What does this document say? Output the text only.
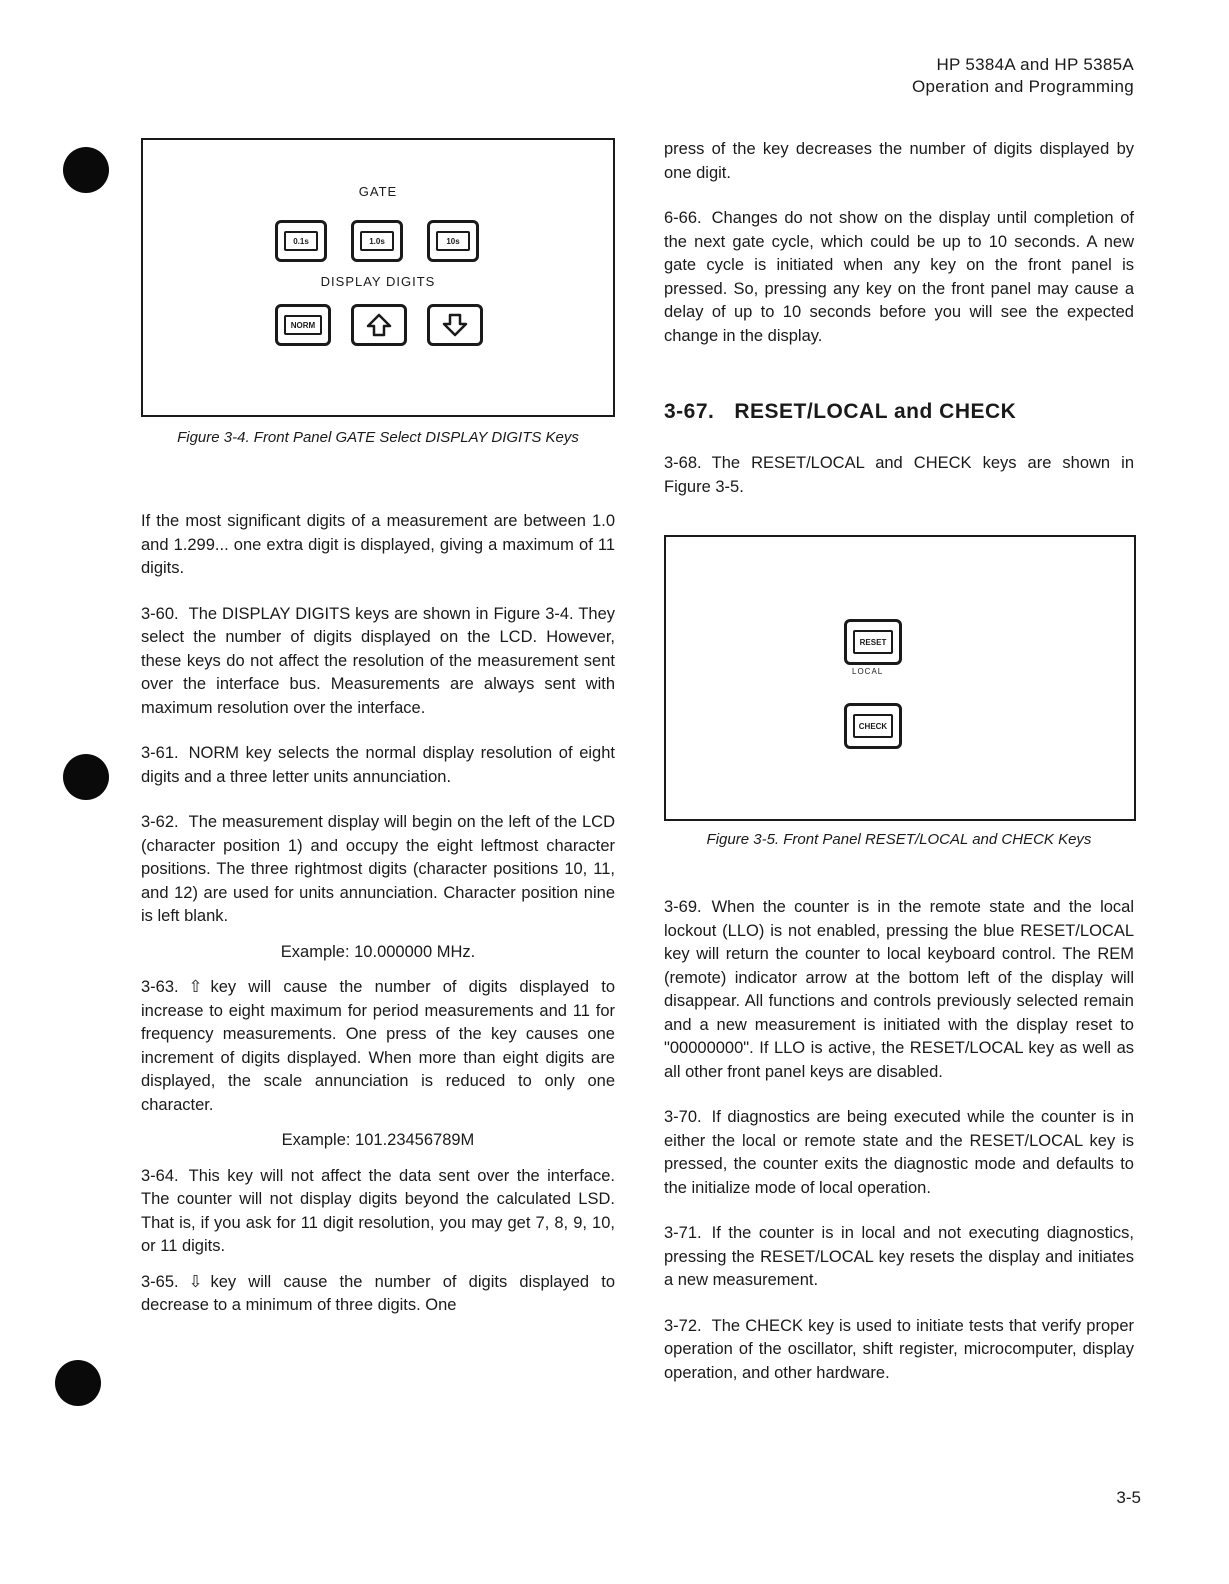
HP 5384A and HP 5385A
Operation and Programming
GATE
0.1s	1.0s	10s
DISPLAY DIGITS
NORM
Figure 3-4. Front Panel GATE Select DISPLAY DIGITS Keys

If the most significant digits of a measurement are between 1.0 and 1.299... one extra digit is displayed, giving a maximum of 11 digits.

3-60. The DISPLAY DIGITS keys are shown in Figure 3-4. They select the number of digits displayed on the LCD. However, these keys do not affect the resolution of the measurement sent over the interface bus. Measurements are always sent with maximum resolution over the interface.

3-61. NORM key selects the normal display resolution of eight digits and a three letter units annunciation.

3-62. The measurement display will begin on the left of the LCD (character position 1) and occupy the eight leftmost character positions. The three rightmost digits (character positions 10, 11, and 12) are used for units annunciation. Character position nine is left blank.

Example: 10.000000 MHz.

3-63. ⇧ key will cause the number of digits displayed to increase to eight maximum for period measurements and 11 for frequency measurements. One press of the key causes one increment of digits displayed. When more than eight digits are displayed, the scale annunciation is reduced to only one character.

Example: 101.23456789M

3-64. This key will not affect the data sent over the interface. The counter will not display digits beyond the calculated LSD. That is, if you ask for 11 digit resolution, you may get 7, 8, 9, 10, or 11 digits.

3-65. ⇩ key will cause the number of digits displayed to decrease to a minimum of three digits. One

press of the key decreases the number of digits displayed by one digit.

6-66. Changes do not show on the display until completion of the next gate cycle, which could be up to 10 seconds. A new gate cycle is initiated when any key on the front panel is pressed. So, pressing any key on the front panel may cause a delay of up to 10 seconds before you will see the expected change in the display.

3-67. RESET/LOCAL and CHECK

3-68. The RESET/LOCAL and CHECK keys are shown in Figure 3-5.

RESET
LOCAL
CHECK
Figure 3-5. Front Panel RESET/LOCAL and CHECK Keys

3-69. When the counter is in the remote state and the local lockout (LLO) is not enabled, pressing the blue RESET/LOCAL key will return the counter to local keyboard control. The REM (remote) indicator arrow at the bottom left of the display will disappear. All functions and controls previously selected remain and a new measurement is initiated with the display reset to "00000000". If LLO is active, the RESET/LOCAL key as well as all other front panel keys are disabled.

3-70. If diagnostics are being executed while the counter is in either the local or remote state and the RESET/LOCAL key is pressed, the counter exits the diagnostic mode and defaults to the initialize mode of local operation.

3-71. If the counter is in local and not executing diagnostics, pressing the RESET/LOCAL key resets the display and initiates a new measurement.

3-72. The CHECK key is used to initiate tests that verify proper operation of the oscillator, shift register, microcomputer, display operation, and other hardware.

3-5
